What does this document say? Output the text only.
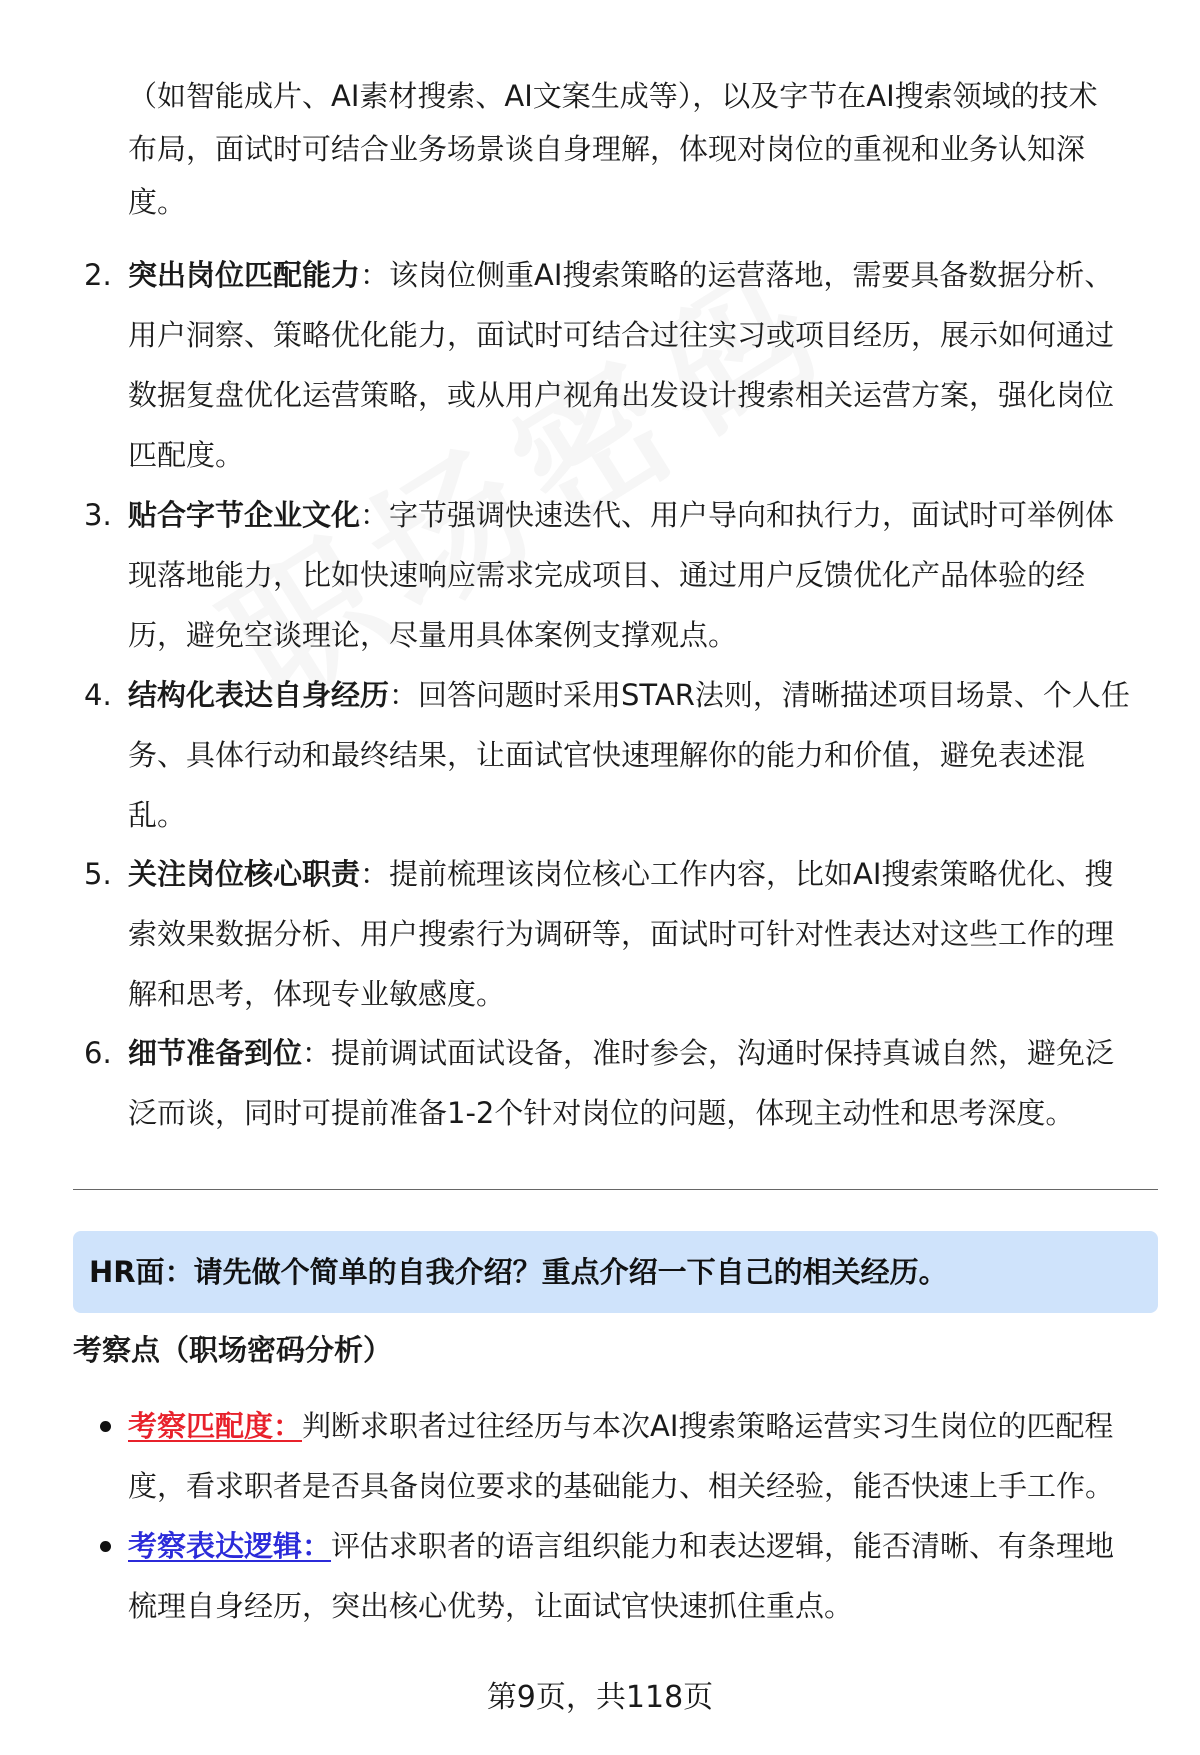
（如智能成片、AI素材搜索、AI文案生成等），以及字节在AI搜索领域的技术

布局，面试时可结合业务场景谈自身理解，体现对岗位的重视和业务认知深

度。

2. 突出岗位匹配能力：该岗位侧重AI搜索策略的运营落地，需要具备数据分析、

用户洞察、策略优化能力，面试时可结合过往实习或项目经历，展示如何通过

数据复盘优化运营策略，或从用户视角出发设计搜索相关运营方案，强化岗位

匹配度。

3. 贴合字节企业文化：字节强调快速迭代、用户导向和执行力，面试时可举例体

现落地能力，比如快速响应需求完成项目、通过用户反馈优化产品体验的经

历，避免空谈理论，尽量用具体案例支撑观点。

4. 结构化表达自身经历：回答问题时采用STAR法则，清晰描述项目场景、个人任

务、具体行动和最终结果，让面试官快速理解你的能力和价值，避免表述混

乱。

5. 关注岗位核心职责：提前梳理该岗位核心工作内容，比如AI搜索策略优化、搜

索效果数据分析、用户搜索行为调研等，面试时可针对性表达对这些工作的理

解和思考，体现专业敏感度。

6. 细节准备到位：提前调试面试设备，准时参会，沟通时保持真诚自然，避免泛

泛而谈，同时可提前准备1-2个针对岗位的问题，体现主动性和思考深度。

HR面：请先做个简单的自我介绍？重点介绍一下自己的相关经历。
考察点（职场密码分析）

考察匹配度：判断求职者过往经历与本次AI搜索策略运营实习生岗位的匹配程

度，看求职者是否具备岗位要求的基础能力、相关经验，能否快速上手工作。

考察表达逻辑：评估求职者的语言组织能力和表达逻辑，能否清晰、有条理地

梳理自身经历，突出核心优势，让面试官快速抓住重点。

第9页，共118页
